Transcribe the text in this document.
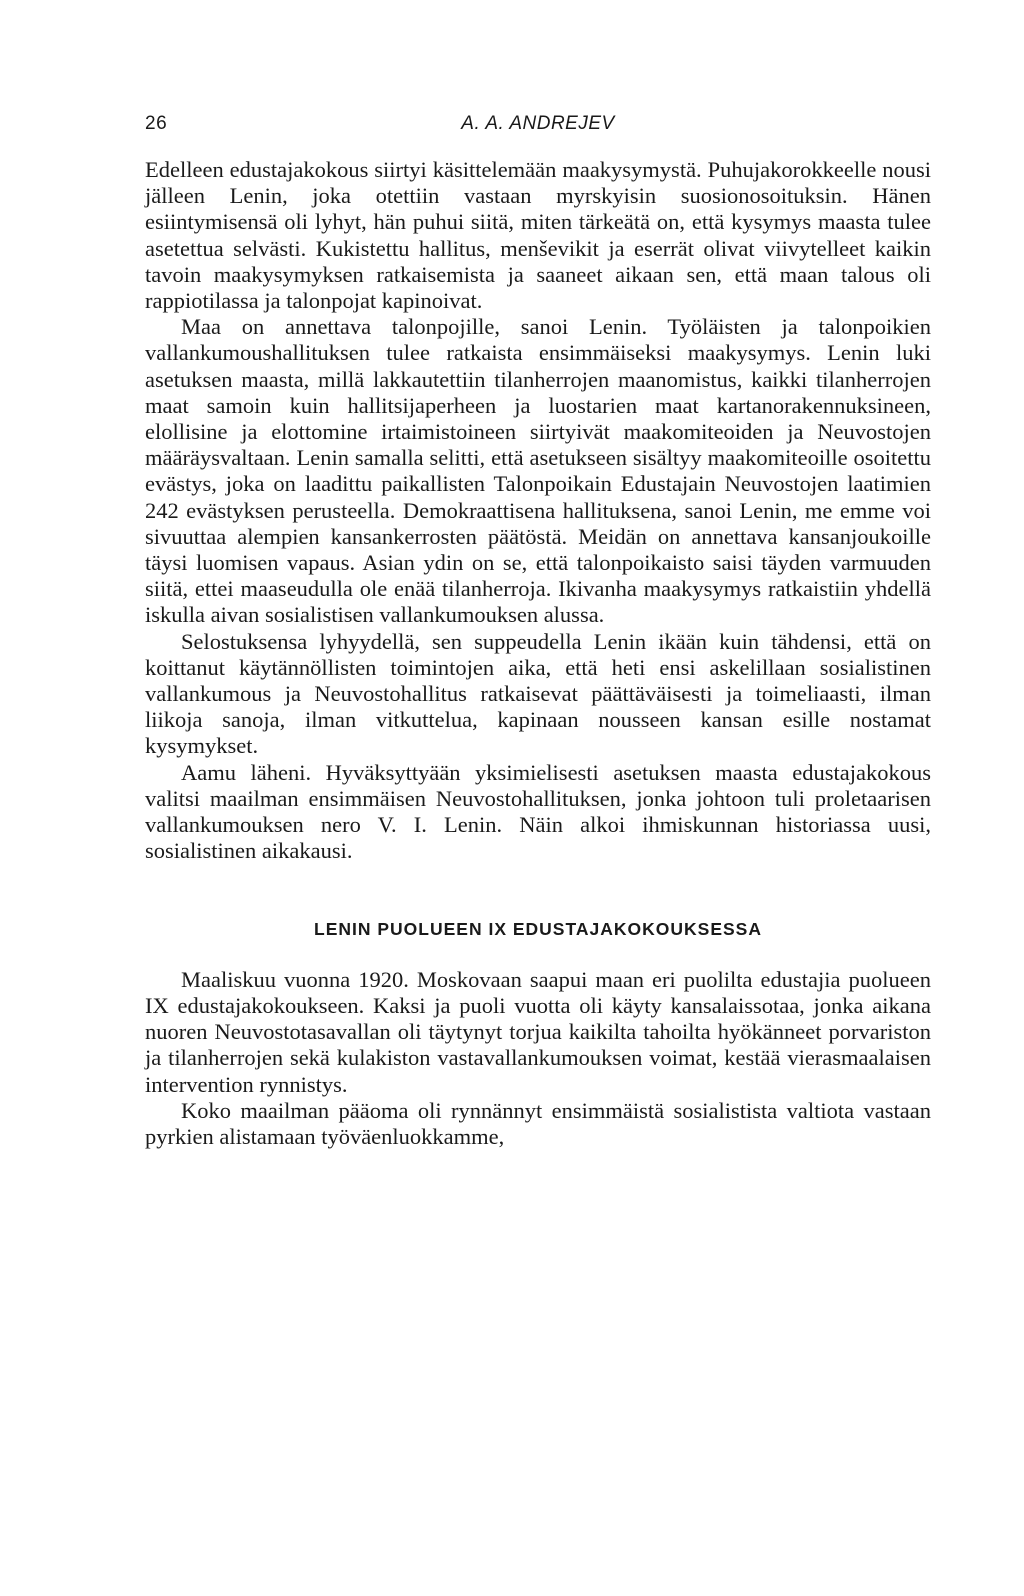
26	A. A. ANDREJEV

Edelleen edustajakokous siirtyi käsittelemään maakysymystä. Puhujakorokkeelle nousi jälleen Lenin, joka otettiin vastaan myrskyisin suosionosoituksin. Hänen esiintymisensä oli lyhyt, hän puhui siitä, miten tärkeätä on, että kysymys maasta tulee asetettua selvästi. Kukistettu hallitus, menševikit ja eserrät olivat viivytelleet kaikin tavoin maakysymyksen ratkaisemista ja saaneet aikaan sen, että maan talous oli rappiotilassa ja talonpojat kapinoivat.

Maa on annettava talonpojille, sanoi Lenin. Työläisten ja talonpoikien vallankumoushallituksen tulee ratkaista ensimmäiseksi maakysymys. Lenin luki asetuksen maasta, millä lakkautettiin tilanherrojen maanomistus, kaikki tilanherrojen maat samoin kuin hallitsijaperheen ja luostarien maat kartanorakennuksineen, elollisine ja elottomine irtaimistoineen siirtyivät maakomiteoiden ja Neuvostojen määräysvaltaan. Lenin samalla selitti, että asetukseen sisältyy maakomiteoille osoitettu evästys, joka on laadittu paikallisten Talonpoikain Edustajain Neuvostojen laatimien 242 evästyksen perusteella. Demokraattisena hallituksena, sanoi Lenin, me emme voi sivuuttaa alempien kansankerrosten päätöstä. Meidän on annettava kansanjoukoille täysi luomisen vapaus. Asian ydin on se, että talonpoikaisto saisi täyden varmuuden siitä, ettei maaseudulla ole enää tilanherroja. Ikivanha maakysymys ratkaistiin yhdellä iskulla aivan sosialistisen vallankumouksen alussa.

Selostuksensa lyhyydellä, sen suppeudella Lenin ikään kuin tähdensi, että on koittanut käytännöllisten toimintojen aika, että heti ensi askelillaan sosialistinen vallankumous ja Neuvostohallitus ratkaisevat päättäväisesti ja toimeliaasti, ilman liikoja sanoja, ilman vitkuttelua, kapinaan nousseen kansan esille nostamat kysymykset.

Aamu läheni. Hyväksyttyään yksimielisesti asetuksen maasta edustajakokous valitsi maailman ensimmäisen Neuvostohallituksen, jonka johtoon tuli proletaarisen vallankumouksen nero V. I. Lenin. Näin alkoi ihmiskunnan historiassa uusi, sosialistinen aikakausi.

LENIN PUOLUEEN IX EDUSTAJAKOKOUKSESSA

Maaliskuu vuonna 1920. Moskovaan saapui maan eri puolilta edustajia puolueen IX edustajakokoukseen. Kaksi ja puoli vuotta oli käyty kansalaissotaa, jonka aikana nuoren Neuvostotasavallan oli täytynyt torjua kaikilta tahoilta hyökänneet porvariston ja tilanherrojen sekä kulakiston vastavallankumouksen voimat, kestää vierasmaalaisen intervention rynnistys.

Koko maailman pääoma oli rynnännyt ensimmäistä sosialistista valtiota vastaan pyrkien alistamaan työväenluokkamme,
